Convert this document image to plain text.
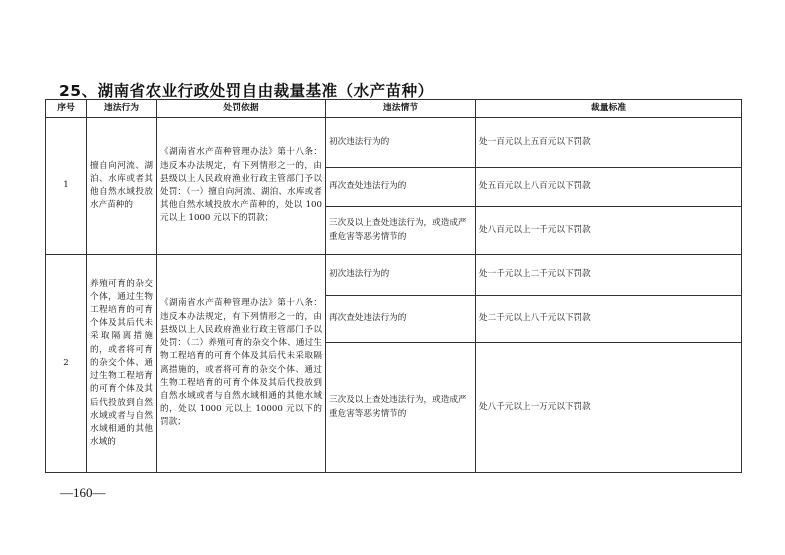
25、湖南省农业行政处罚自由裁量基准（水产苗种）
序号	违法行为	处罚依据	违法情节	裁量标准
1	擅自向河流、湖泊、水库或者其他自然水域投放水产苗种的	《湖南省水产苗种管理办法》第十八条：违反本办法规定，有下列情形之一的，由县级以上人民政府渔业行政主管部门予以处罚：（一）擅自向河流、湖泊、水库或者其他自然水域投放水产苗种的，处以 100 元以上 1000 元以下的罚款；	初次违法行为的	处一百元以上五百元以下罚款
			再次查处违法行为的	处五百元以上八百元以下罚款
			三次及以上查处违法行为，或造成严重危害等恶劣情节的	处八百元以上一千元以下罚款
2	养殖可育的杂交个体，通过生物工程培育的可育个体及其后代未采取隔离措施的，或者将可育的杂交个体、通过生物工程培育的可育个体及其后代投放到自然水域或者与自然水域相通的其他水域的	《湖南省水产苗种管理办法》第十八条：违反本办法规定，有下列情形之一的，由县级以上人民政府渔业行政主管部门予以处罚：（二）养殖可育的杂交个体、通过生物工程培育的可育个体及其后代未采取隔离措施的，或者将可育的杂交个体、通过生物工程培育的可育个体及其后代投放到自然水域或者与自然水域相通的其他水域的，处以 1000 元以上 10000 元以下的罚款；	初次违法行为的	处一千元以上二千元以下罚款
			再次查处违法行为的	处二千元以上八千元以下罚款
			三次及以上查处违法行为，或造成严重危害等恶劣情节的	处八千元以上一万元以下罚款
—160—
